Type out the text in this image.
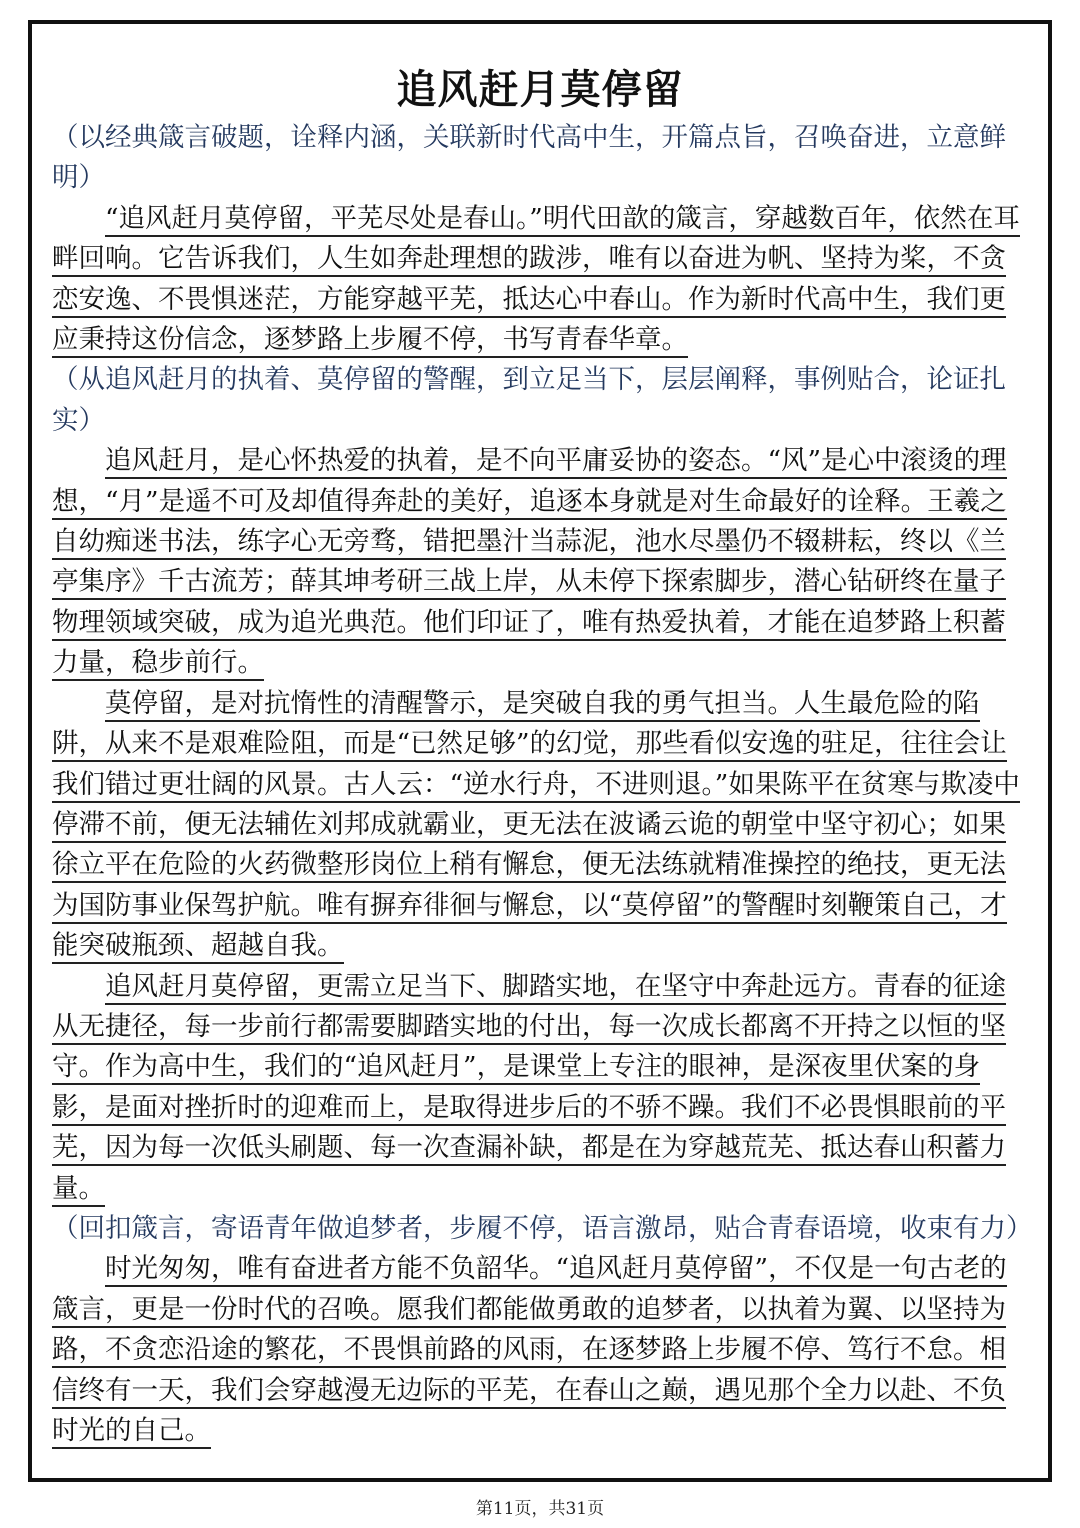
追风赶月莫停留

（以经典箴言破题，诠释内涵，关联新时代高中生，开篇点旨，召唤奋进，立意鲜明）

“追风赶月莫停留，平芜尽处是春山。”明代田歆的箴言，穿越数百年，依然在耳畔回响。它告诉我们，人生如奔赴理想的跋涉，唯有以奋进为帆、坚持为桨，不贪恋安逸、不畏惧迷茫，方能穿越平芜，抵达心中春山。作为新时代高中生，我们更应秉持这份信念，逐梦路上步履不停，书写青春华章。

（从追风赶月的执着、莫停留的警醒，到立足当下，层层阐释，事例贴合，论证扎实）

追风赶月，是心怀热爱的执着，是不向平庸妥协的姿态。“风”是心中滚烫的理想，“月”是遥不可及却值得奔赴的美好，追逐本身就是对生命最好的诠释。王羲之自幼痴迷书法，练字心无旁骛，错把墨汁当蒜泥，池水尽墨仍不辍耕耘，终以《兰亭集序》千古流芳；薛其坤考研三战上岸，从未停下探索脚步，潜心钻研终在量子物理领域突破，成为追光典范。他们印证了，唯有热爱执着，才能在追梦路上积蓄力量，稳步前行。

莫停留，是对抗惰性的清醒警示，是突破自我的勇气担当。人生最危险的陷阱，从来不是艰难险阻，而是“已然足够”的幻觉，那些看似安逸的驻足，往往会让我们错过更壮阔的风景。古人云：“逆水行舟，不进则退。”如果陈平在贫寒与欺凌中停滞不前，便无法辅佐刘邦成就霸业，更无法在波谲云诡的朝堂中坚守初心；如果徐立平在危险的火药微整形岗位上稍有懈怠，便无法练就精准操控的绝技，更无法为国防事业保驾护航。唯有摒弃徘徊与懈怠，以“莫停留”的警醒时刻鞭策自己，才能突破瓶颈、超越自我。

追风赶月莫停留，更需立足当下、脚踏实地，在坚守中奔赴远方。青春的征途从无捷径，每一步前行都需要脚踏实地的付出，每一次成长都离不开持之以恒的坚守。作为高中生，我们的“追风赶月”，是课堂上专注的眼神，是深夜里伏案的身影，是面对挫折时的迎难而上，是取得进步后的不骄不躁。我们不必畏惧眼前的平芜，因为每一次低头刷题、每一次查漏补缺，都是在为穿越荒芜、抵达春山积蓄力量。

（回扣箴言，寄语青年做追梦者，步履不停，语言激昂，贴合青春语境，收束有力）

时光匆匆，唯有奋进者方能不负韶华。“追风赶月莫停留”，不仅是一句古老的箴言，更是一份时代的召唤。愿我们都能做勇敢的追梦者，以执着为翼、以坚持为路，不贪恋沿途的繁花，不畏惧前路的风雨，在逐梦路上步履不停、笃行不怠。相信终有一天，我们会穿越漫无边际的平芜，在春山之巅，遇见那个全力以赴、不负时光的自己。

第11页，共31页
